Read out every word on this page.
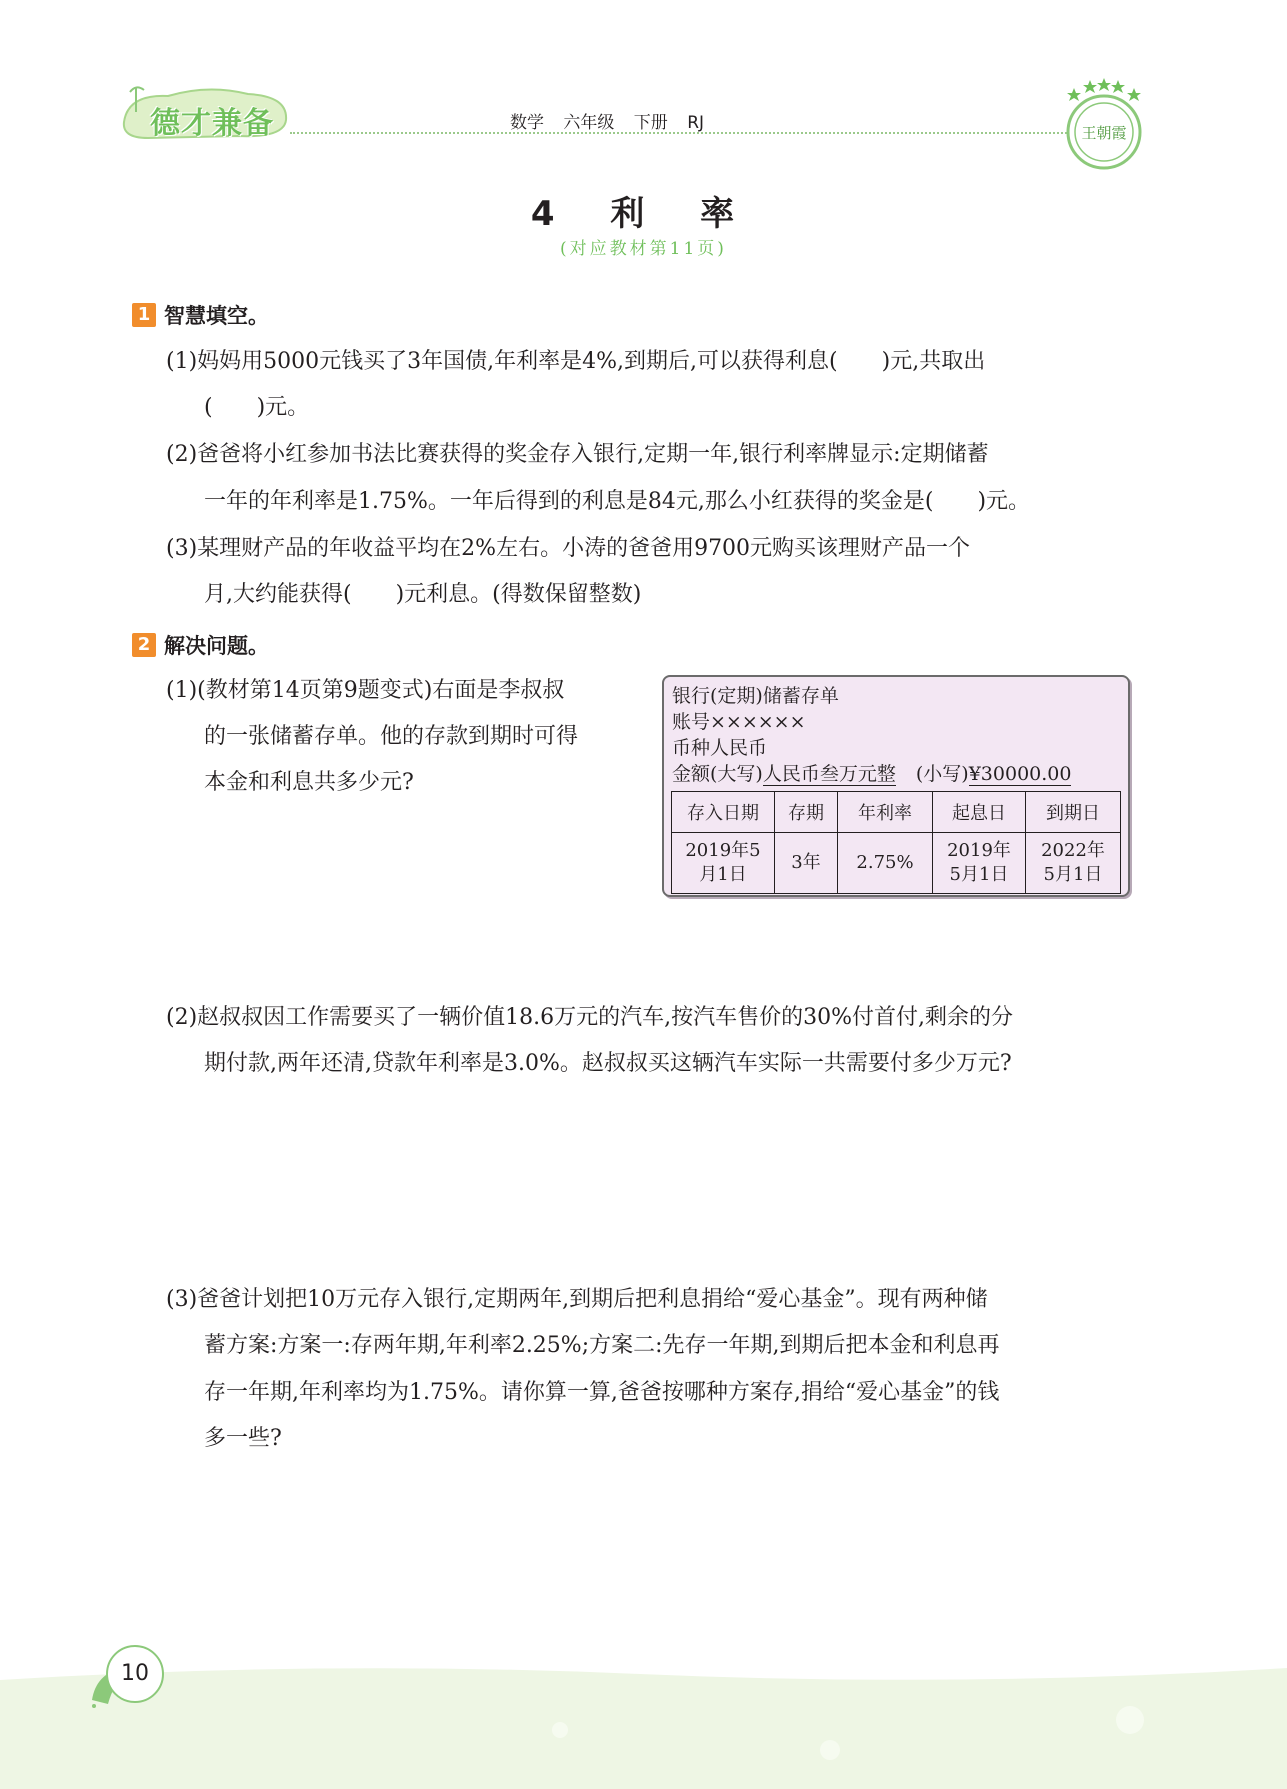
德才兼备	数学 六年级 下册 RJ	王朝霞
4 利 率
(对应教材第11页)
1 智慧填空。
(1)妈妈用5000元钱买了3年国债,年利率是4%,到期后,可以获得利息(　　)元,共取出
(　　)元。
(2)爸爸将小红参加书法比赛获得的奖金存入银行,定期一年,银行利率牌显示:定期储蓄
一年的年利率是1.75%。一年后得到的利息是84元,那么小红获得的奖金是(　　)元。
(3)某理财产品的年收益平均在2%左右。小涛的爸爸用9700元购买该理财产品一个
月,大约能获得(　　)元利息。(得数保留整数)
2 解决问题。
(1)(教材第14页第9题变式)右面是李叔叔
的一张储蓄存单。他的存款到期时可得
本金和利息共多少元?
银行(定期)储蓄存单
账号××××××
币种人民币
金额(大写)人民币叁万元整 (小写)¥30000.00
存入日期	存期	年利率	起息日	到期日
2019年5月1日	3年	2.75%	2019年5月1日	2022年5月1日
(2)赵叔叔因工作需要买了一辆价值18.6万元的汽车,按汽车售价的30%付首付,剩余的分
期付款,两年还清,贷款年利率是3.0%。赵叔叔买这辆汽车实际一共需要付多少万元?
(3)爸爸计划把10万元存入银行,定期两年,到期后把利息捐给“爱心基金”。现有两种储
蓄方案:方案一:存两年期,年利率2.25%;方案二:先存一年期,到期后把本金和利息再
存一年期,年利率均为1.75%。请你算一算,爸爸按哪种方案存,捐给“爱心基金”的钱
多一些?
10
